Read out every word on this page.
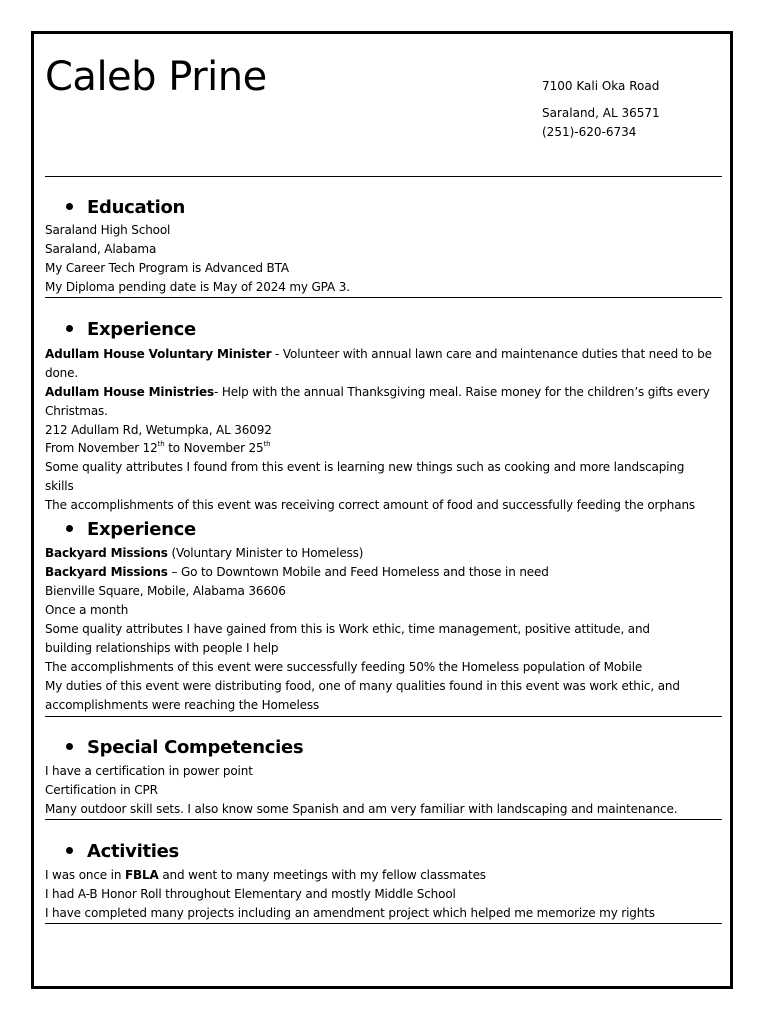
Caleb Prine	7100 Kali Oka Road
Saraland, AL 36571
(251)-620-6734
Education
Saraland High School
Saraland, Alabama
My Career Tech Program is Advanced BTA
My Diploma pending date is May of 2024 my GPA 3.
Experience
Adullam House Voluntary Minister - Volunteer with annual lawn care and maintenance duties that need to be
done.
Adullam House Ministries- Help with the annual Thanksgiving meal. Raise money for the children’s gifts every
Christmas.
212 Adullam Rd, Wetumpka, AL 36092
From November 12th to November 25th
Some quality attributes I found from this event is learning new things such as cooking and more landscaping
skills
The accomplishments of this event was receiving correct amount of food and successfully feeding the orphans
Experience
Backyard Missions (Voluntary Minister to Homeless)
Backyard Missions – Go to Downtown Mobile and Feed Homeless and those in need
Bienville Square, Mobile, Alabama 36606
Once a month
Some quality attributes I have gained from this is Work ethic, time management, positive attitude, and
building relationships with people I help
The accomplishments of this event were successfully feeding 50% the Homeless population of Mobile
My duties of this event were distributing food, one of many qualities found in this event was work ethic, and
accomplishments were reaching the Homeless
Special Competencies
I have a certification in power point
Certification in CPR
Many outdoor skill sets. I also know some Spanish and am very familiar with landscaping and maintenance.
Activities
I was once in FBLA and went to many meetings with my fellow classmates
I had A-B Honor Roll throughout Elementary and mostly Middle School
I have completed many projects including an amendment project which helped me memorize my rights
